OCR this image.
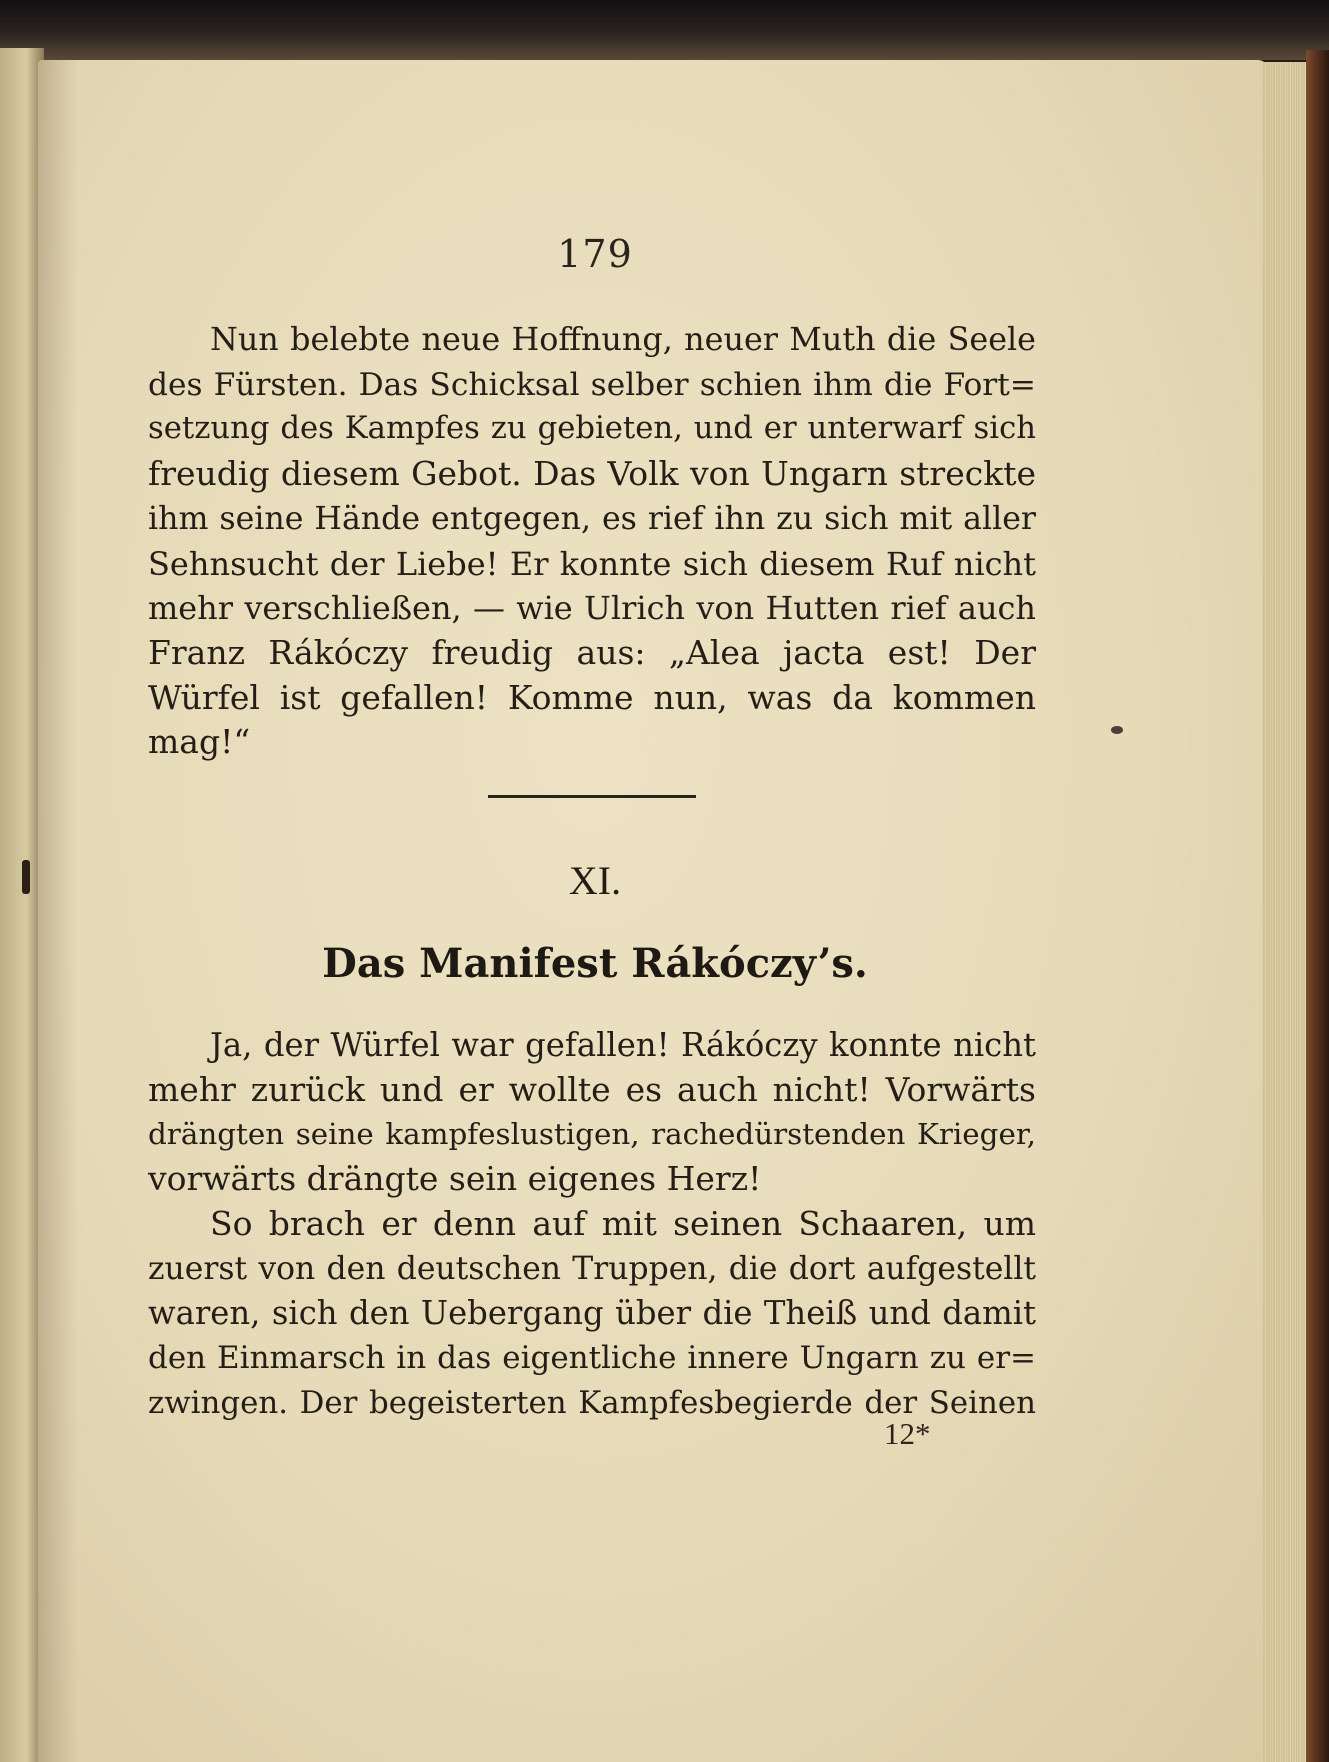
179
Nun belebte neue Hoffnung, neuer Muth die Seele
des Fürsten. Das Schicksal selber schien ihm die Fort=
setzung des Kampfes zu gebieten, und er unterwarf sich
freudig diesem Gebot. Das Volk von Ungarn streckte
ihm seine Hände entgegen, es rief ihn zu sich mit aller
Sehnsucht der Liebe! Er konnte sich diesem Ruf nicht
mehr verschließen, — wie Ulrich von Hutten rief auch
Franz Rákóczy freudig aus: „Alea jacta est! Der
Würfel ist gefallen! Komme nun, was da kommen
mag!“
XI.
Das Manifest Rákóczy’s.
Ja, der Würfel war gefallen! Rákóczy konnte nicht
mehr zurück und er wollte es auch nicht! Vorwärts
drängten seine kampfeslustigen, rachedürstenden Krieger,
vorwärts drängte sein eigenes Herz!
So brach er denn auf mit seinen Schaaren, um
zuerst von den deutschen Truppen, die dort aufgestellt
waren, sich den Uebergang über die Theiß und damit
den Einmarsch in das eigentliche innere Ungarn zu er=
zwingen. Der begeisterten Kampfesbegierde der Seinen
12*
